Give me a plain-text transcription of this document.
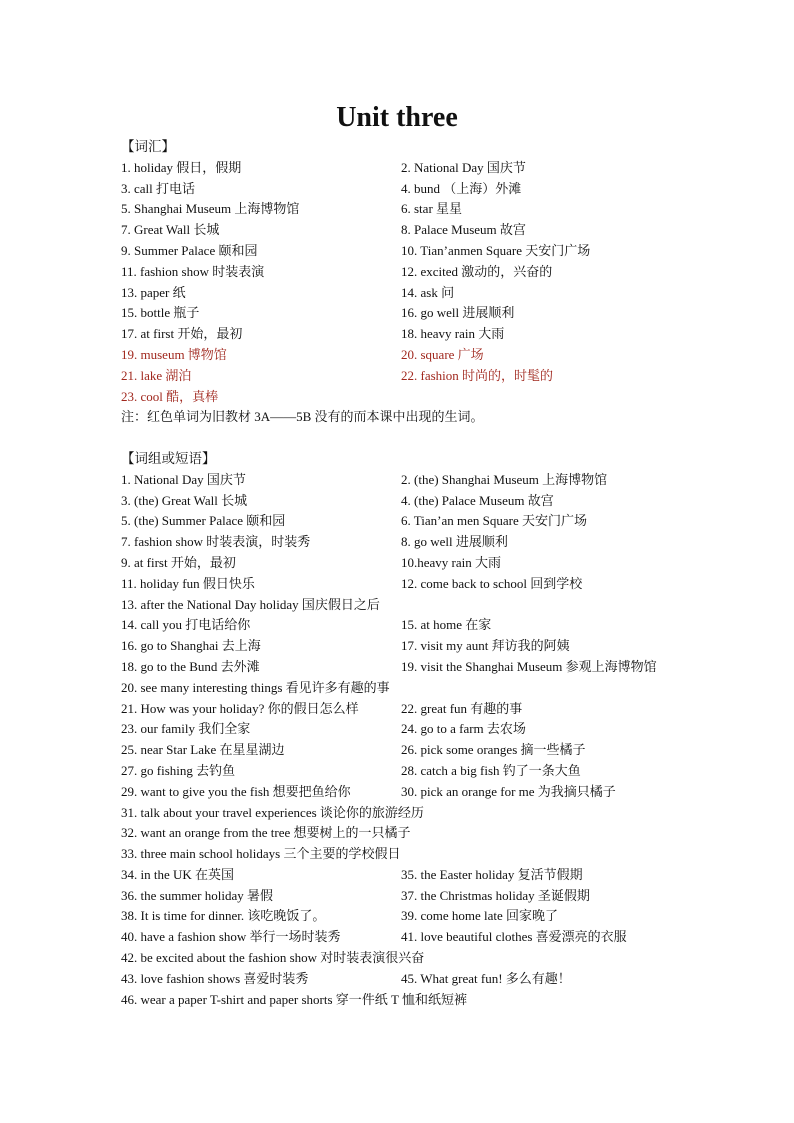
Unit three
【词汇】
1. holiday 假日，假期	2. National Day 国庆节
3. call 打电话	4. bund （上海）外滩
5. Shanghai Museum 上海博物馆	6. star 星星
7. Great Wall 长城	8. Palace Museum 故宫
9. Summer Palace 颐和园	10. Tian’anmen Square 天安门广场
11. fashion show 时装表演	12. excited 激动的，兴奋的
13. paper 纸	14. ask 问
15. bottle 瓶子	16. go well 进展顺利
17. at first 开始，最初	18. heavy rain 大雨
19. museum 博物馆	20. square 广场
21. lake 湖泊	22. fashion 时尚的，时髦的
23. cool 酷，真棒
注：红色单词为旧教材 3A——5B 没有的而本课中出现的生词。
【词组或短语】
1. National Day 国庆节	2. (the) Shanghai Museum 上海博物馆
3. (the) Great Wall 长城	4. (the) Palace Museum 故宫
5. (the) Summer Palace 颐和园	6. Tian’an men Square 天安门广场
7. fashion show 时装表演，时装秀	8. go well 进展顺利
9. at first 开始，最初	10.heavy rain 大雨
11. holiday fun 假日快乐	12. come back to school 回到学校
13. after the National Day holiday 国庆假日之后
14. call you 打电话给你	15. at home 在家
16. go to Shanghai 去上海	17. visit my aunt 拜访我的阿姨
18. go to the Bund 去外滩	19. visit the Shanghai Museum 参观上海博物馆
20. see many interesting things 看见许多有趣的事
21. How was your holiday? 你的假日怎么样	22. great fun 有趣的事
23. our family 我们全家	24. go to a farm 去农场
25. near Star Lake 在星星湖边	26. pick some oranges 摘一些橘子
27. go fishing 去钓鱼	28. catch a big fish 钓了一条大鱼
29. want to give you the fish 想要把鱼给你	30. pick an orange for me 为我摘只橘子
31. talk about your travel experiences 谈论你的旅游经历
32. want an orange from the tree 想要树上的一只橘子
33. three main school holidays 三个主要的学校假日
34. in the UK 在英国	35. the Easter holiday 复活节假期
36. the summer holiday 暑假	37. the Christmas holiday 圣诞假期
38. It is time for dinner. 该吃晚饭了。	39. come home late 回家晚了
40. have a fashion show 举行一场时装秀	41. love beautiful clothes 喜爱漂亮的衣服
42. be excited about the fashion show 对时装表演很兴奋
43. love fashion shows 喜爱时装秀	45. What great fun! 多么有趣！
46. wear a paper T-shirt and paper shorts 穿一件纸 T 恤和纸短裤
